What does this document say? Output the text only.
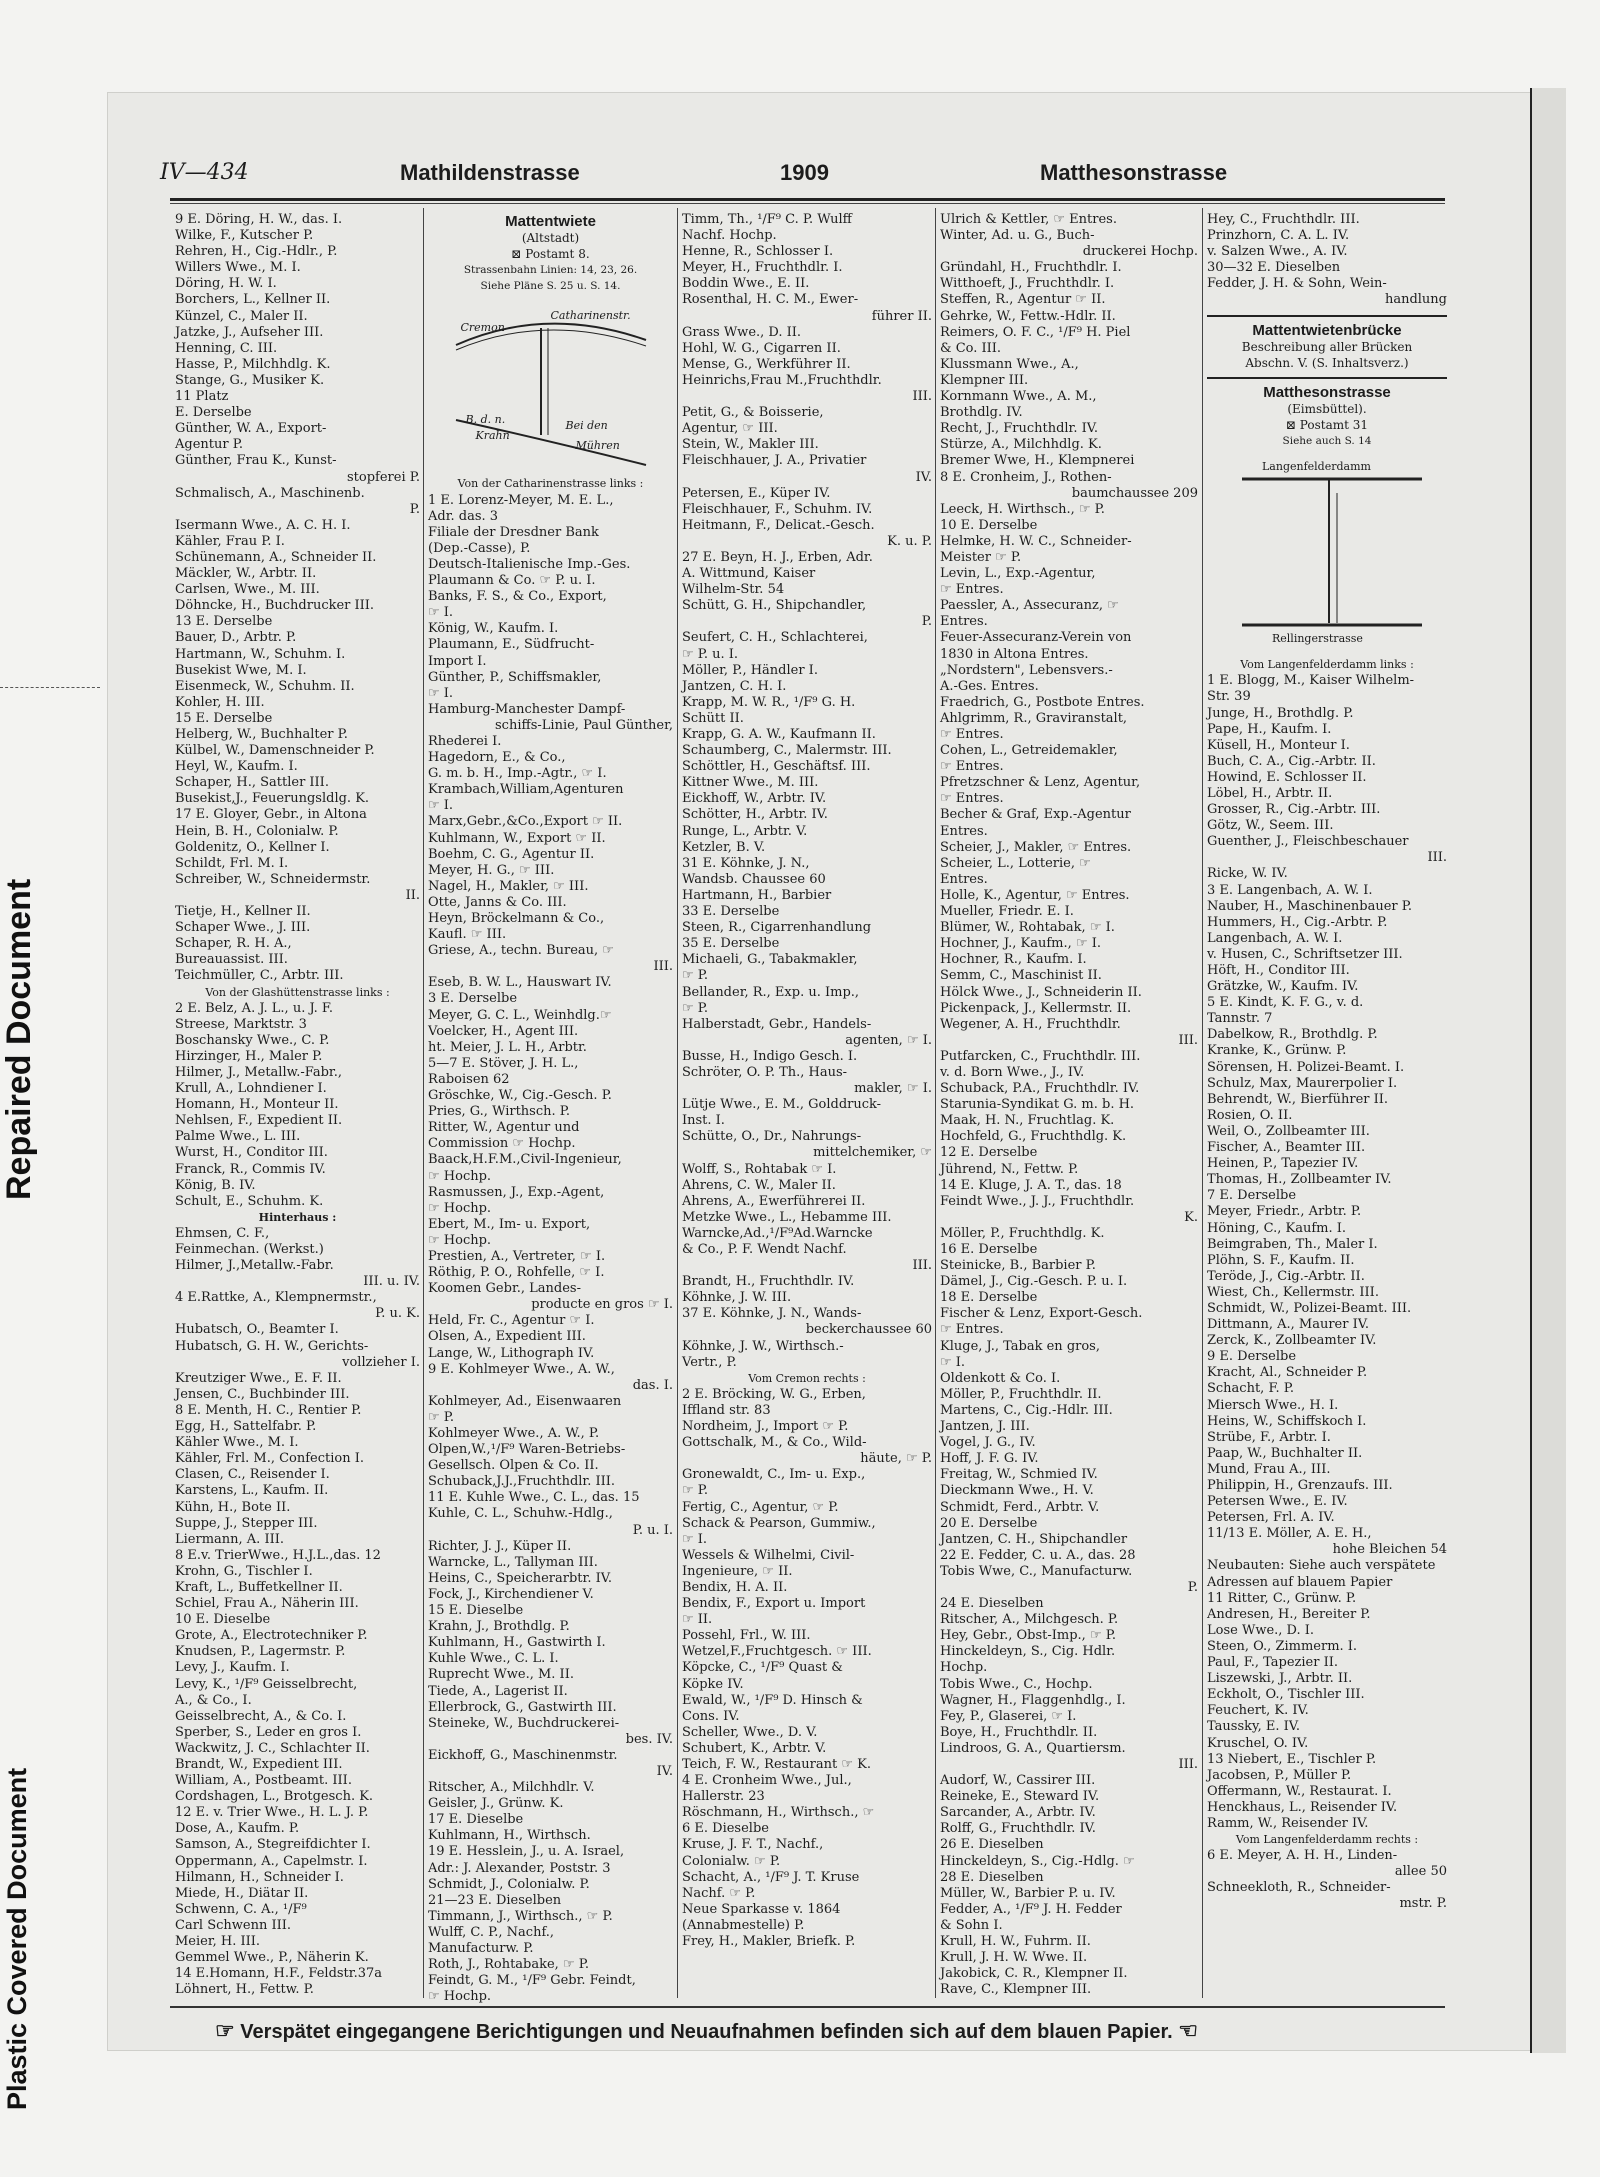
Repaired Document
Plastic Covered Document
IV—434	Mathildenstrasse	1909	Matthesonstrasse
9 E. Döring, H. W., das. I.
Wilke, F., Kutscher P.
Rehren, H., Cig.-Hdlr., P.
Willers Wwe., M. I.
Döring, H. W. I.
Borchers, L., Kellner II.
Künzel, C., Maler II.
Jatzke, J., Aufseher III.
Henning, C. III.
Hasse, P., Milchhdlg. K.
Stange, G., Musiker K.
11 Platz
E. Derselbe
Günther, W. A., Export-
Agentur P.
Günther, Frau K., Kunst-
stopferei P.
Schmalisch, A., Maschinenb.
P.
Isermann Wwe., A. C. H. I.
Kähler, Frau P. I.
Schünemann, A., Schneider II.
Mäckler, W., Arbtr. II.
Carlsen, Wwe., M. III.
Döhncke, H., Buchdrucker III.
13 E. Derselbe
Bauer, D., Arbtr. P.
Hartmann, W., Schuhm. I.
Busekist Wwe, M. I.
Eisenmeck, W., Schuhm. II.
Kohler, H. III.
15 E. Derselbe
Helberg, W., Buchhalter P.
Külbel, W., Damenschneider P.
Heyl, W., Kaufm. I.
Schaper, H., Sattler III.
Busekist,J., Feuerungsldlg. K.
17 E. Gloyer, Gebr., in Altona
Hein, B. H., Colonialw. P.
Goldenitz, O., Kellner I.
Schildt, Frl. M. I.
Schreiber, W., Schneidermstr.
II.
Tietje, H., Kellner II.
Schaper Wwe., J. III.
Schaper, R. H. A.,
Bureauassist. III.
Teichmüller, C., Arbtr. III.
Von der Glashüttenstrasse links :
2 E. Belz, A. J. L., u. J. F.
Streese, Marktstr. 3
Boschansky Wwe., C. P.
Hirzinger, H., Maler P.
Hilmer, J., Metallw.-Fabr.,
Krull, A., Lohndiener I.
Homann, H., Monteur II.
Nehlsen, F., Expedient II.
Palme Wwe., L. III.
Wurst, H., Conditor III.
Franck, R., Commis IV.
König, B. IV.
Schult, E., Schuhm. K.
Hinterhaus :
Ehmsen, C. F.,
Feinmechan. (Werkst.)
Hilmer, J.,Metallw.-Fabr.
III. u. IV.
4 E.Rattke, A., Klempnermstr.,
P. u. K.
Hubatsch, O., Beamter I.
Hubatsch, G. H. W., Gerichts-
vollzieher I.
Kreutziger Wwe., E. F. II.
Jensen, C., Buchbinder III.
8 E. Menth, H. C., Rentier P.
Egg, H., Sattelfabr. P.
Kähler Wwe., M. I.
Kähler, Frl. M., Confection I.
Clasen, C., Reisender I.
Karstens, L., Kaufm. II.
Kühn, H., Bote II.
Suppe, J., Stepper III.
Liermann, A. III.
8 E.v. TrierWwe., H.J.L.,das. 12
Krohn, G., Tischler I.
Kraft, L., Buffetkellner II.
Schiel, Frau A., Näherin III.
10 E. Dieselbe
Grote, A., Electrotechniker P.
Knudsen, P., Lagermstr. P.
Levy, J., Kaufm. I.
Levy, K., ¹/F⁹ Geisselbrecht,
A., & Co., I.
Geisselbrecht, A., & Co. I.
Sperber, S., Leder en gros I.
Wackwitz, J. C., Schlachter II.
Brandt, W., Expedient III.
William, A., Postbeamt. III.
Cordshagen, L., Brotgesch. K.
12 E. v. Trier Wwe., H. L. J. P.
Dose, A., Kaufm. P.
Samson, A., Stegreifdichter I.
Oppermann, A., Capelmstr. I.
Hilmann, H., Schneider I.
Miede, H., Diätar II.
Schwenn, C. A., ¹/F⁹
Carl Schwenn III.
Meier, H. III.
Gemmel Wwe., P., Näherin K.
14 E.Homann, H.F., Feldstr.37a
Löhnert, H., Fettw. P.
Mattentwiete
(Altstadt)
⊠ Postamt 8.
Strassenbahn Linien: 14, 23, 26.
Siehe Pläne S. 25 u. S. 14.
Cremon
Catharinenstr.
B. d. n.
Krahn
Bei den
Mühren
Von der Catharinenstrasse links :
1 E. Lorenz-Meyer, M. E. L.,
Adr. das. 3
Filiale der Dresdner Bank
(Dep.-Casse), P.
Deutsch-Italienische Imp.-Ges.
Plaumann & Co. ☞ P. u. I.
Banks, F. S., & Co., Export,
☞ I.
König, W., Kaufm. I.
Plaumann, E., Südfrucht-
Import I.
Günther, P., Schiffsmakler,
☞ I.
Hamburg-Manchester Dampf-
schiffs-Linie, Paul Günther,
Rhederei I.
Hagedorn, E., & Co.,
G. m. b. H., Imp.-Agtr., ☞ I.
Krambach,William,Agenturen
☞ I.
Marx,Gebr.,&Co.,Export ☞ II.
Kuhlmann, W., Export ☞ II.
Boehm, C. G., Agentur II.
Meyer, H. G., ☞ III.
Nagel, H., Makler, ☞ III.
Otte, Janns & Co. III.
Heyn, Bröckelmann & Co.,
Kaufl. ☞ III.
Griese, A., techn. Bureau, ☞
III.
Eseb, B. W. L., Hauswart IV.
3 E. Derselbe
Meyer, G. C. L., Weinhdlg.☞
Voelcker, H., Agent III.
ht. Meier, J. L. H., Arbtr.
5—7 E. Stöver, J. H. L.,
Raboisen 62
Gröschke, W., Cig.-Gesch. P.
Pries, G., Wirthsch. P.
Ritter, W., Agentur und
Commission ☞ Hochp.
Baack,H.F.M.,Civil-Ingenieur,
☞ Hochp.
Rasmussen, J., Exp.-Agent,
☞ Hochp.
Ebert, M., Im- u. Export,
☞ Hochp.
Prestien, A., Vertreter, ☞ I.
Röthig, P. O., Rohfelle, ☞ I.
Koomen Gebr., Landes-
producte en gros ☞ I.
Held, Fr. C., Agentur ☞ I.
Olsen, A., Expedient III.
Lange, W., Lithograph IV.
9 E. Kohlmeyer Wwe., A. W.,
das. I.
Kohlmeyer, Ad., Eisenwaaren
☞ P.
Kohlmeyer Wwe., A. W., P.
Olpen,W.,¹/F⁹ Waren-Betriebs-
Gesellsch. Olpen & Co. II.
Schuback,J.J.,Fruchthdlr. III.
11 E. Kuhle Wwe., C. L., das. 15
Kuhle, C. L., Schuhw.-Hdlg.,
P. u. I.
Richter, J. J., Küper II.
Warncke, L., Tallyman III.
Heins, C., Speicherarbtr. IV.
Fock, J., Kirchendiener V.
15 E. Dieselbe
Krahn, J., Brothdlg. P.
Kuhlmann, H., Gastwirth I.
Kuhle Wwe., C. L. I.
Ruprecht Wwe., M. II.
Tiede, A., Lagerist II.
Ellerbrock, G., Gastwirth III.
Steineke, W., Buchdruckerei-
bes. IV.
Eickhoff, G., Maschinenmstr.
IV.
Ritscher, A., Milchhdlr. V.
Geisler, J., Grünw. K.
17 E. Dieselbe
Kuhlmann, H., Wirthsch.
19 E. Hesslein, J., u. A. Israel,
Adr.: J. Alexander, Poststr. 3
Schmidt, J., Colonialw. P.
21—23 E. Dieselben
Timmann, J., Wirthsch., ☞ P.
Wulff, C. P., Nachf.,
Manufacturw. P.
Roth, J., Rohtabake, ☞ P.
Feindt, G. M., ¹/F⁹ Gebr. Feindt,
☞ Hochp.
Timm, Th., ¹/F⁹ C. P. Wulff
Nachf. Hochp.
Henne, R., Schlosser I.
Meyer, H., Fruchthdlr. I.
Boddin Wwe., E. II.
Rosenthal, H. C. M., Ewer-
führer II.
Grass Wwe., D. II.
Hohl, W. G., Cigarren II.
Mense, G., Werkführer II.
Heinrichs,Frau M.,Fruchthdlr.
III.
Petit, G., & Boisserie,
Agentur, ☞ III.
Stein, W., Makler III.
Fleischhauer, J. A., Privatier
IV.
Petersen, E., Küper IV.
Fleischhauer, F., Schuhm. IV.
Heitmann, F., Delicat.-Gesch.
K. u. P.
27 E. Beyn, H. J., Erben, Adr.
A. Wittmund, Kaiser
Wilhelm-Str. 54
Schütt, G. H., Shipchandler,
P.
Seufert, C. H., Schlachterei,
☞ P. u. I.
Möller, P., Händler I.
Jantzen, C. H. I.
Krapp, M. W. R., ¹/F⁹ G. H.
Schütt II.
Krapp, G. A. W., Kaufmann II.
Schaumberg, C., Malermstr. III.
Schöttler, H., Geschäftsf. III.
Kittner Wwe., M. III.
Eickhoff, W., Arbtr. IV.
Schötter, H., Arbtr. IV.
Runge, L., Arbtr. V.
Ketzler, B. V.
31 E. Köhnke, J. N.,
Wandsb. Chaussee 60
Hartmann, H., Barbier
33 E. Derselbe
Steen, R., Cigarrenhandlung
35 E. Derselbe
Michaeli, G., Tabakmakler,
☞ P.
Bellander, R., Exp. u. Imp.,
☞ P.
Halberstadt, Gebr., Handels-
agenten, ☞ I.
Busse, H., Indigo Gesch. I.
Schröter, O. P. Th., Haus-
makler, ☞ I.
Lütje Wwe., E. M., Golddruck-
Inst. I.
Schütte, O., Dr., Nahrungs-
mittelchemiker, ☞
Wolff, S., Rohtabak ☞ I.
Ahrens, C. W., Maler II.
Ahrens, A., Ewerführerei II.
Metzke Wwe., L., Hebamme III.
Warncke,Ad.,¹/F⁹Ad.Warncke
& Co., P. F. Wendt Nachf.
III.
Brandt, H., Fruchthdlr. IV.
Köhnke, J. W. III.
37 E. Köhnke, J. N., Wands-
beckerchaussee 60
Köhnke, J. W., Wirthsch.-
Vertr., P.
Vom Cremon rechts :
2 E. Bröcking, W. G., Erben,
Iffland str. 83
Nordheim, J., Import ☞ P.
Gottschalk, M., & Co., Wild-
häute, ☞ P.
Gronewaldt, C., Im- u. Exp.,
☞ P.
Fertig, C., Agentur, ☞ P.
Schack & Pearson, Gummiw.,
☞ I.
Wessels & Wilhelmi, Civil-
Ingenieure, ☞ II.
Bendix, H. A. II.
Bendix, F., Export u. Import
☞ II.
Possehl, Frl., W. III.
Wetzel,F.,Fruchtgesch. ☞ III.
Köpcke, C., ¹/F⁹ Quast &
Köpke IV.
Ewald, W., ¹/F⁹ D. Hinsch &
Cons. IV.
Scheller, Wwe., D. V.
Schubert, K., Arbtr. V.
Teich, F. W., Restaurant ☞ K.
4 E. Cronheim Wwe., Jul.,
Hallerstr. 23
Röschmann, H., Wirthsch., ☞
6 E. Dieselbe
Kruse, J. F. T., Nachf.,
Colonialw. ☞ P.
Schacht, A., ¹/F⁹ J. T. Kruse
Nachf. ☞ P.
Neue Sparkasse v. 1864
(Annabmestelle) P.
Frey, H., Makler, Briefk. P.
Ulrich & Kettler, ☞ Entres.
Winter, Ad. u. G., Buch-
druckerei Hochp.
Gründahl, H., Fruchthdlr. I.
Witthoeft, J., Fruchthdlr. I.
Steffen, R., Agentur ☞ II.
Gehrke, W., Fettw.-Hdlr. II.
Reimers, O. F. C., ¹/F⁹ H. Piel
& Co. III.
Klussmann Wwe., A.,
Klempner III.
Kornmann Wwe., A. M.,
Brothdlg. IV.
Recht, J., Fruchthdlr. IV.
Stürze, A., Milchhdlg. K.
Bremer Wwe, H., Klempnerei
8 E. Cronheim, J., Rothen-
baumchaussee 209
Leeck, H. Wirthsch., ☞ P.
10 E. Derselbe
Helmke, H. W. C., Schneider-
Meister ☞ P.
Levin, L., Exp.-Agentur,
☞ Entres.
Paessler, A., Assecuranz, ☞
Entres.
Feuer-Assecuranz-Verein von
1830 in Altona Entres.
„Nordstern", Lebensvers.-
A.-Ges. Entres.
Fraedrich, G., Postbote Entres.
Ahlgrimm, R., Graviranstalt,
☞ Entres.
Cohen, L., Getreidemakler,
☞ Entres.
Pfretzschner & Lenz, Agentur,
☞ Entres.
Becher & Graf, Exp.-Agentur
Entres.
Scheier, J., Makler, ☞ Entres.
Scheier, L., Lotterie, ☞
Entres.
Holle, K., Agentur, ☞ Entres.
Mueller, Friedr. E. I.
Blümer, W., Rohtabak, ☞ I.
Hochner, J., Kaufm., ☞ I.
Hochner, R., Kaufm. I.
Semm, C., Maschinist II.
Hölck Wwe., J., Schneiderin II.
Pickenpack, J., Kellermstr. II.
Wegener, A. H., Fruchthdlr.
III.
Putfarcken, C., Fruchthdlr. III.
v. d. Born Wwe., J., IV.
Schuback, P.A., Fruchthdlr. IV.
Starunia-Syndikat G. m. b. H.
Maak, H. N., Fruchtlag. K.
Hochfeld, G., Fruchthdlg. K.
12 E. Derselbe
Jührend, N., Fettw. P.
14 E. Kluge, J. A. T., das. 18
Feindt Wwe., J. J., Fruchthdlr.
K.
Möller, P., Fruchthdlg. K.
16 E. Derselbe
Steinicke, B., Barbier P.
Dämel, J., Cig.-Gesch. P. u. I.
18 E. Derselbe
Fischer & Lenz, Export-Gesch.
☞ Entres.
Kluge, J., Tabak en gros,
☞ I.
Oldenkott & Co. I.
Möller, P., Fruchthdlr. II.
Martens, C., Cig.-Hdlr. III.
Jantzen, J. III.
Vogel, J. G., IV.
Hoff, J. F. G. IV.
Freitag, W., Schmied IV.
Dieckmann Wwe., H. V.
Schmidt, Ferd., Arbtr. V.
20 E. Derselbe
Jantzen, C. H., Shipchandler
22 E. Fedder, C. u. A., das. 28
Tobis Wwe, C., Manufacturw.
P.
24 E. Dieselben
Ritscher, A., Milchgesch. P.
Hey, Gebr., Obst-Imp., ☞ P.
Hinckeldeyn, S., Cig. Hdlr.
Hochp.
Tobis Wwe., C., Hochp.
Wagner, H., Flaggenhdlg., I.
Fey, P., Glaserei, ☞ I.
Boye, H., Fruchthdlr. II.
Lindroos, G. A., Quartiersm.
III.
Audorf, W., Cassirer III.
Reineke, E., Steward IV.
Sarcander, A., Arbtr. IV.
Rolff, G., Fruchthdlr. IV.
26 E. Dieselben
Hinckeldeyn, S., Cig.-Hdlg. ☞
28 E. Dieselben
Müller, W., Barbier P. u. IV.
Fedder, A., ¹/F⁹ J. H. Fedder
& Sohn I.
Krull, H. W., Fuhrm. II.
Krull, J. H. W. Wwe. II.
Jakobick, C. R., Klempner II.
Rave, C., Klempner III.
Hey, C., Fruchthdlr. III.
Prinzhorn, C. A. L. IV.
v. Salzen Wwe., A. IV.
30—32 E. Dieselben
Fedder, J. H. & Sohn, Wein-
handlung
Mattentwietenbrücke
Beschreibung aller Brücken
Abschn. V. (S. Inhaltsverz.)
Matthesonstrasse
(Eimsbüttel).
⊠ Postamt 31
Siehe auch S. 14
Langenfelderdamm
Rellingerstrasse
Vom Langenfelderdamm links :
1 E. Blogg, M., Kaiser Wilhelm-
Str. 39
Junge, H., Brothdlg. P.
Pape, H., Kaufm. I.
Küsell, H., Monteur I.
Buch, C. A., Cig.-Arbtr. II.
Howind, E. Schlosser II.
Löbel, H., Arbtr. II.
Grosser, R., Cig.-Arbtr. III.
Götz, W., Seem. III.
Guenther, J., Fleischbeschauer
III.
Ricke, W. IV.
3 E. Langenbach, A. W. I.
Nauber, H., Maschinenbauer P.
Hummers, H., Cig.-Arbtr. P.
Langenbach, A. W. I.
v. Husen, C., Schriftsetzer III.
Höft, H., Conditor III.
Grätzke, W., Kaufm. IV.
5 E. Kindt, K. F. G., v. d.
Tannstr. 7
Dabelkow, R., Brothdlg. P.
Kranke, K., Grünw. P.
Sörensen, H. Polizei-Beamt. I.
Schulz, Max, Maurerpolier I.
Behrendt, W., Bierführer II.
Rosien, O. II.
Weil, O., Zollbeamter III.
Fischer, A., Beamter III.
Heinen, P., Tapezier IV.
Thomas, H., Zollbeamter IV.
7 E. Derselbe
Meyer, Friedr., Arbtr. P.
Höning, C., Kaufm. I.
Beimgraben, Th., Maler I.
Plöhn, S. F., Kaufm. II.
Teröde, J., Cig.-Arbtr. II.
Wiest, Ch., Kellermstr. III.
Schmidt, W., Polizei-Beamt. III.
Dittmann, A., Maurer IV.
Zerck, K., Zollbeamter IV.
9 E. Derselbe
Kracht, Al., Schneider P.
Schacht, F. P.
Miersch Wwe., H. I.
Heins, W., Schiffskoch I.
Strübe, F., Arbtr. I.
Paap, W., Buchhalter II.
Mund, Frau A., III.
Philippin, H., Grenzaufs. III.
Petersen Wwe., E. IV.
Petersen, Frl. A. IV.
11/13 E. Möller, A. E. H.,
hohe Bleichen 54
Neubauten: Siehe auch verspätete
Adressen auf blauem Papier
11 Ritter, C., Grünw. P.
Andresen, H., Bereiter P.
Lose Wwe., D. I.
Steen, O., Zimmerm. I.
Paul, F., Tapezier II.
Liszewski, J., Arbtr. II.
Eckholt, O., Tischler III.
Feuchert, K. IV.
Taussky, E. IV.
Kruschel, O. IV.
13 Niebert, E., Tischler P.
Jacobsen, P., Müller P.
Offermann, W., Restaurat. I.
Henckhaus, L., Reisender IV.
Ramm, W., Reisender IV.
Vom Langenfelderdamm rechts :
6 E. Meyer, A. H. H., Linden-
allee 50
Schneekloth, R., Schneider-
mstr. P.
☞ Verspätet eingegangene Berichtigungen und Neuaufnahmen befinden sich auf dem blauen Papier. ☜
